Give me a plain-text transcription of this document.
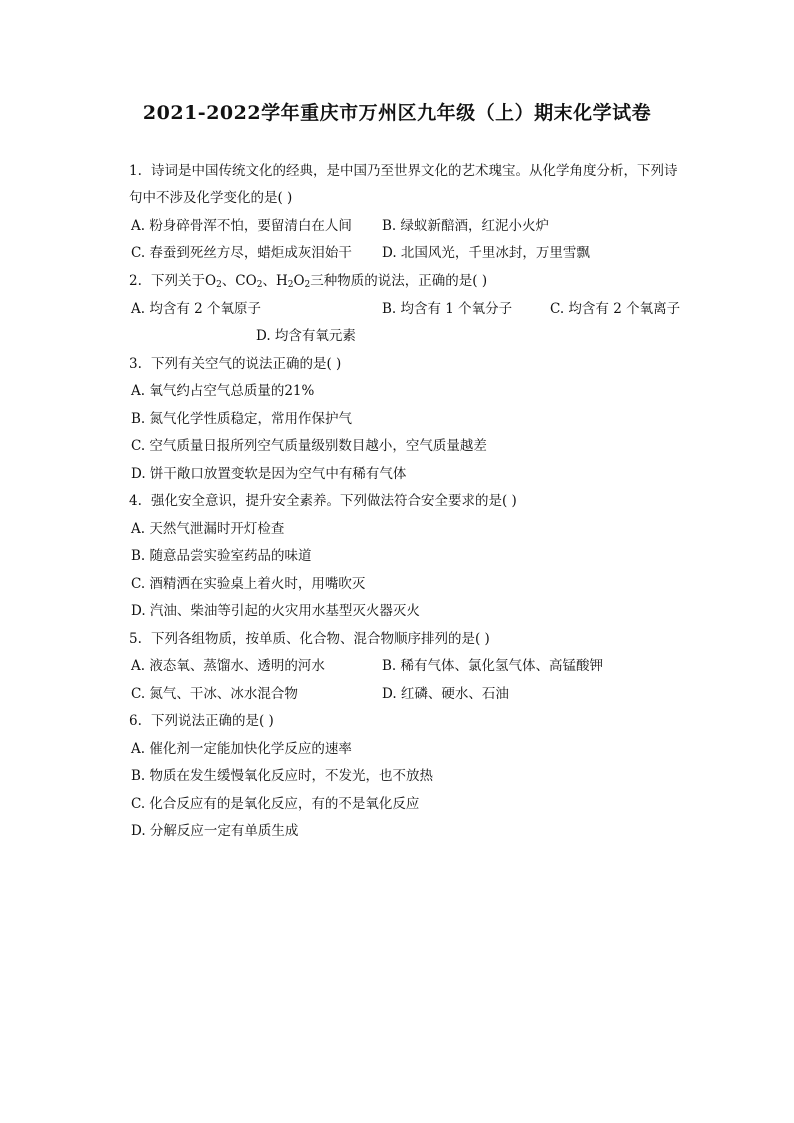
2021-2022学年重庆市万州区九年级（上）期末化学试卷
1. 诗词是中国传统文化的经典，是中国乃至世界文化的艺术瑰宝。从化学角度分析，下列诗
句中不涉及化学变化的是( )
A. 粉身碎骨浑不怕，要留清白在人间 B. 绿蚁新醅酒，红泥小火炉
C. 春蚕到死丝方尽，蜡炬成灰泪始干 D. 北国风光，千里冰封，万里雪飘
2. 下列关于$O_2$、$CO_2$、$H_2O_2$三种物质的说法，正确的是( )
A. 均含有 2 个氧原子	B. 均含有 1 个氧分子	C. 均含有 2 个氧离子
D. 均含有氧元素
3. 下列有关空气的说法正确的是( )
A. 氧气约占空气总质量的21%
B. 氮气化学性质稳定，常用作保护气
C. 空气质量日报所列空气质量级别数目越小，空气质量越差
D. 饼干敞口放置变软是因为空气中有稀有气体
4. 强化安全意识，提升安全素养。下列做法符合安全要求的是( )
A. 天然气泄漏时开灯检查
B. 随意品尝实验室药品的味道
C. 酒精洒在实验桌上着火时，用嘴吹灭
D. 汽油、柴油等引起的火灾用水基型灭火器灭火
5. 下列各组物质，按单质、化合物、混合物顺序排列的是( )
A. 液态氧、蒸馏水、透明的河水	B. 稀有气体、氯化氢气体、高锰酸钾
C. 氮气、干冰、冰水混合物	D. 红磷、硬水、石油
6. 下列说法正确的是( )
A. 催化剂一定能加快化学反应的速率
B. 物质在发生缓慢氧化反应时，不发光，也不放热
C. 化合反应有的是氧化反应，有的不是氧化反应
D. 分解反应一定有单质生成
